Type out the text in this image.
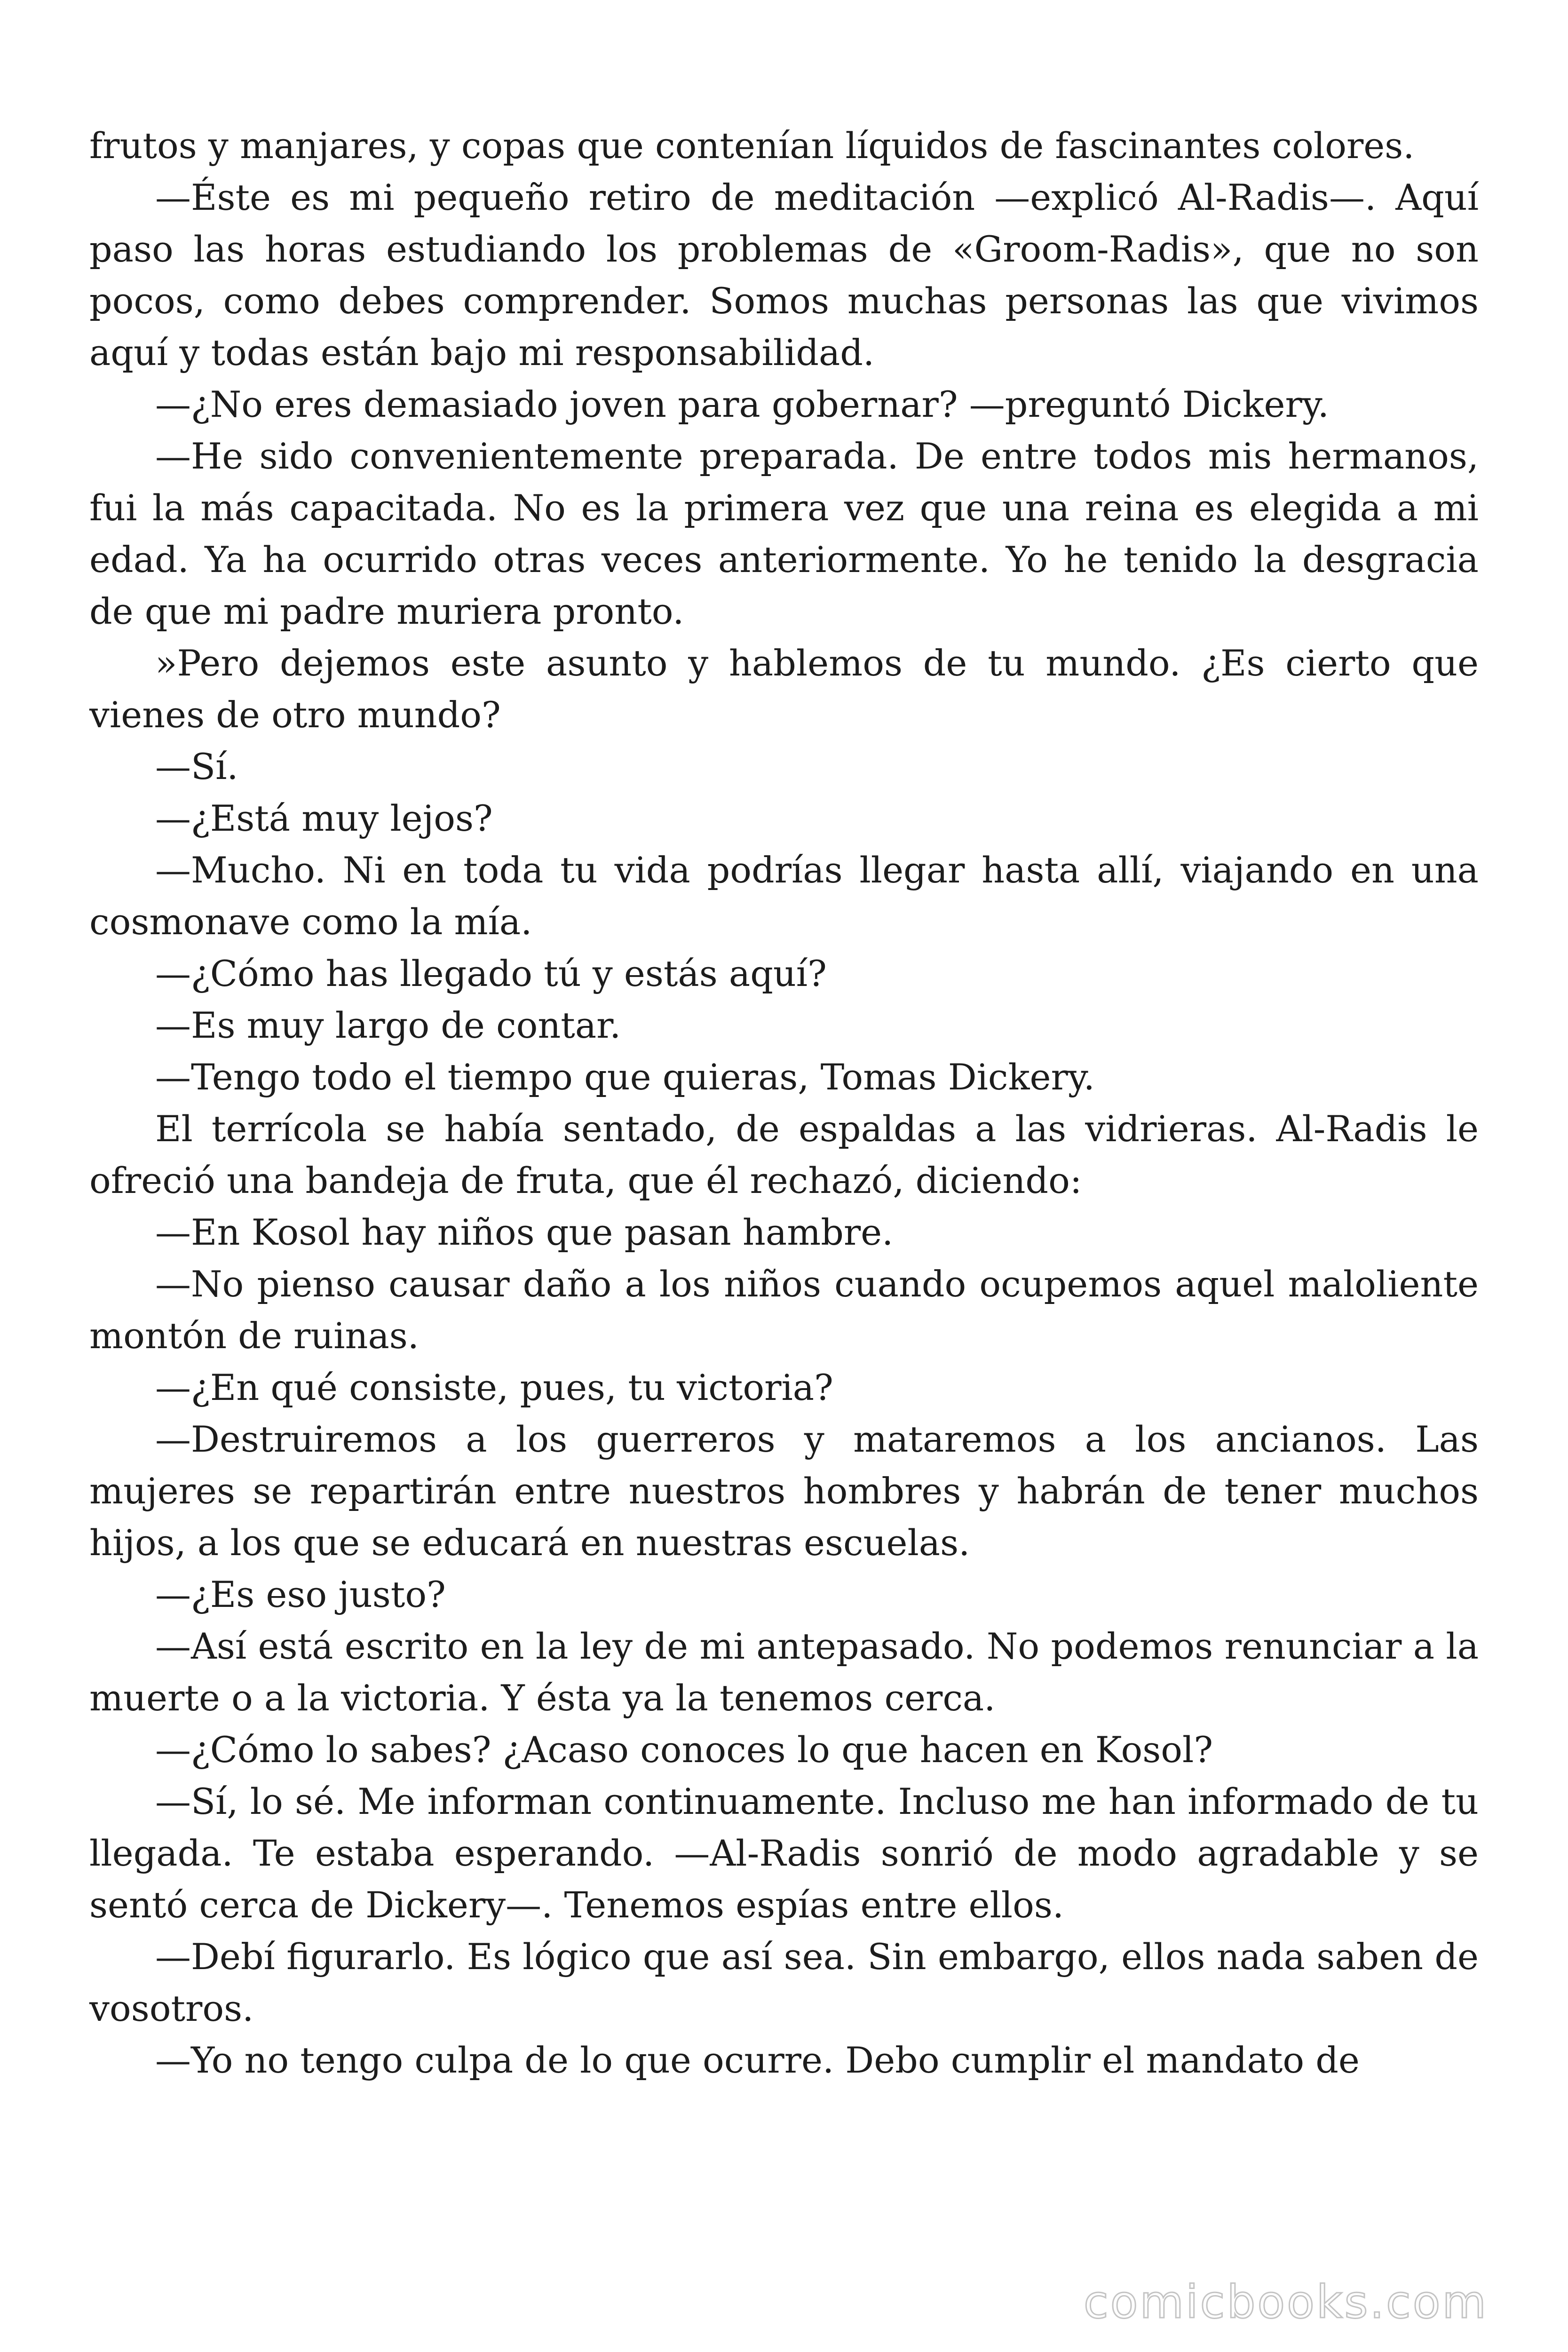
frutos y manjares, y copas que contenían líquidos de fascinantes colores.

—Éste es mi pequeño retiro de meditación —explicó Al-Radis—. Aquí paso las horas estudiando los problemas de «Groom-Radis», que no son pocos, como debes comprender. Somos muchas personas las que vivimos aquí y todas están bajo mi responsabilidad.

—¿No eres demasiado joven para gobernar? —preguntó Dickery.

—He sido convenientemente preparada. De entre todos mis hermanos, fui la más capacitada. No es la primera vez que una reina es elegida a mi edad. Ya ha ocurrido otras veces anteriormente. Yo he tenido la desgracia de que mi padre muriera pronto.

»Pero dejemos este asunto y hablemos de tu mundo. ¿Es cierto que vienes de otro mundo?

—Sí.

—¿Está muy lejos?

—Mucho. Ni en toda tu vida podrías llegar hasta allí, viajando en una cosmonave como la mía.

—¿Cómo has llegado tú y estás aquí?

—Es muy largo de contar.

—Tengo todo el tiempo que quieras, Tomas Dickery.

El terrícola se había sentado, de espaldas a las vidrieras. Al-Radis le ofreció una bandeja de fruta, que él rechazó, diciendo:

—En Kosol hay niños que pasan hambre.

—No pienso causar daño a los niños cuando ocupemos aquel maloliente montón de ruinas.

—¿En qué consiste, pues, tu victoria?

—Destruiremos a los guerreros y mataremos a los ancianos. Las mujeres se repartirán entre nuestros hombres y habrán de tener muchos hijos, a los que se educará en nuestras escuelas.

—¿Es eso justo?

—Así está escrito en la ley de mi antepasado. No podemos renunciar a la muerte o a la victoria. Y ésta ya la tenemos cerca.

—¿Cómo lo sabes? ¿Acaso conoces lo que hacen en Kosol?

—Sí, lo sé. Me informan continuamente. Incluso me han informado de tu llegada. Te estaba esperando. —Al-Radis sonrió de modo agradable y se sentó cerca de Dickery—. Tenemos espías entre ellos.

—Debí figurarlo. Es lógico que así sea. Sin embargo, ellos nada saben de vosotros.

—Yo no tengo culpa de lo que ocurre. Debo cumplir el mandato de

comicbooks.com
